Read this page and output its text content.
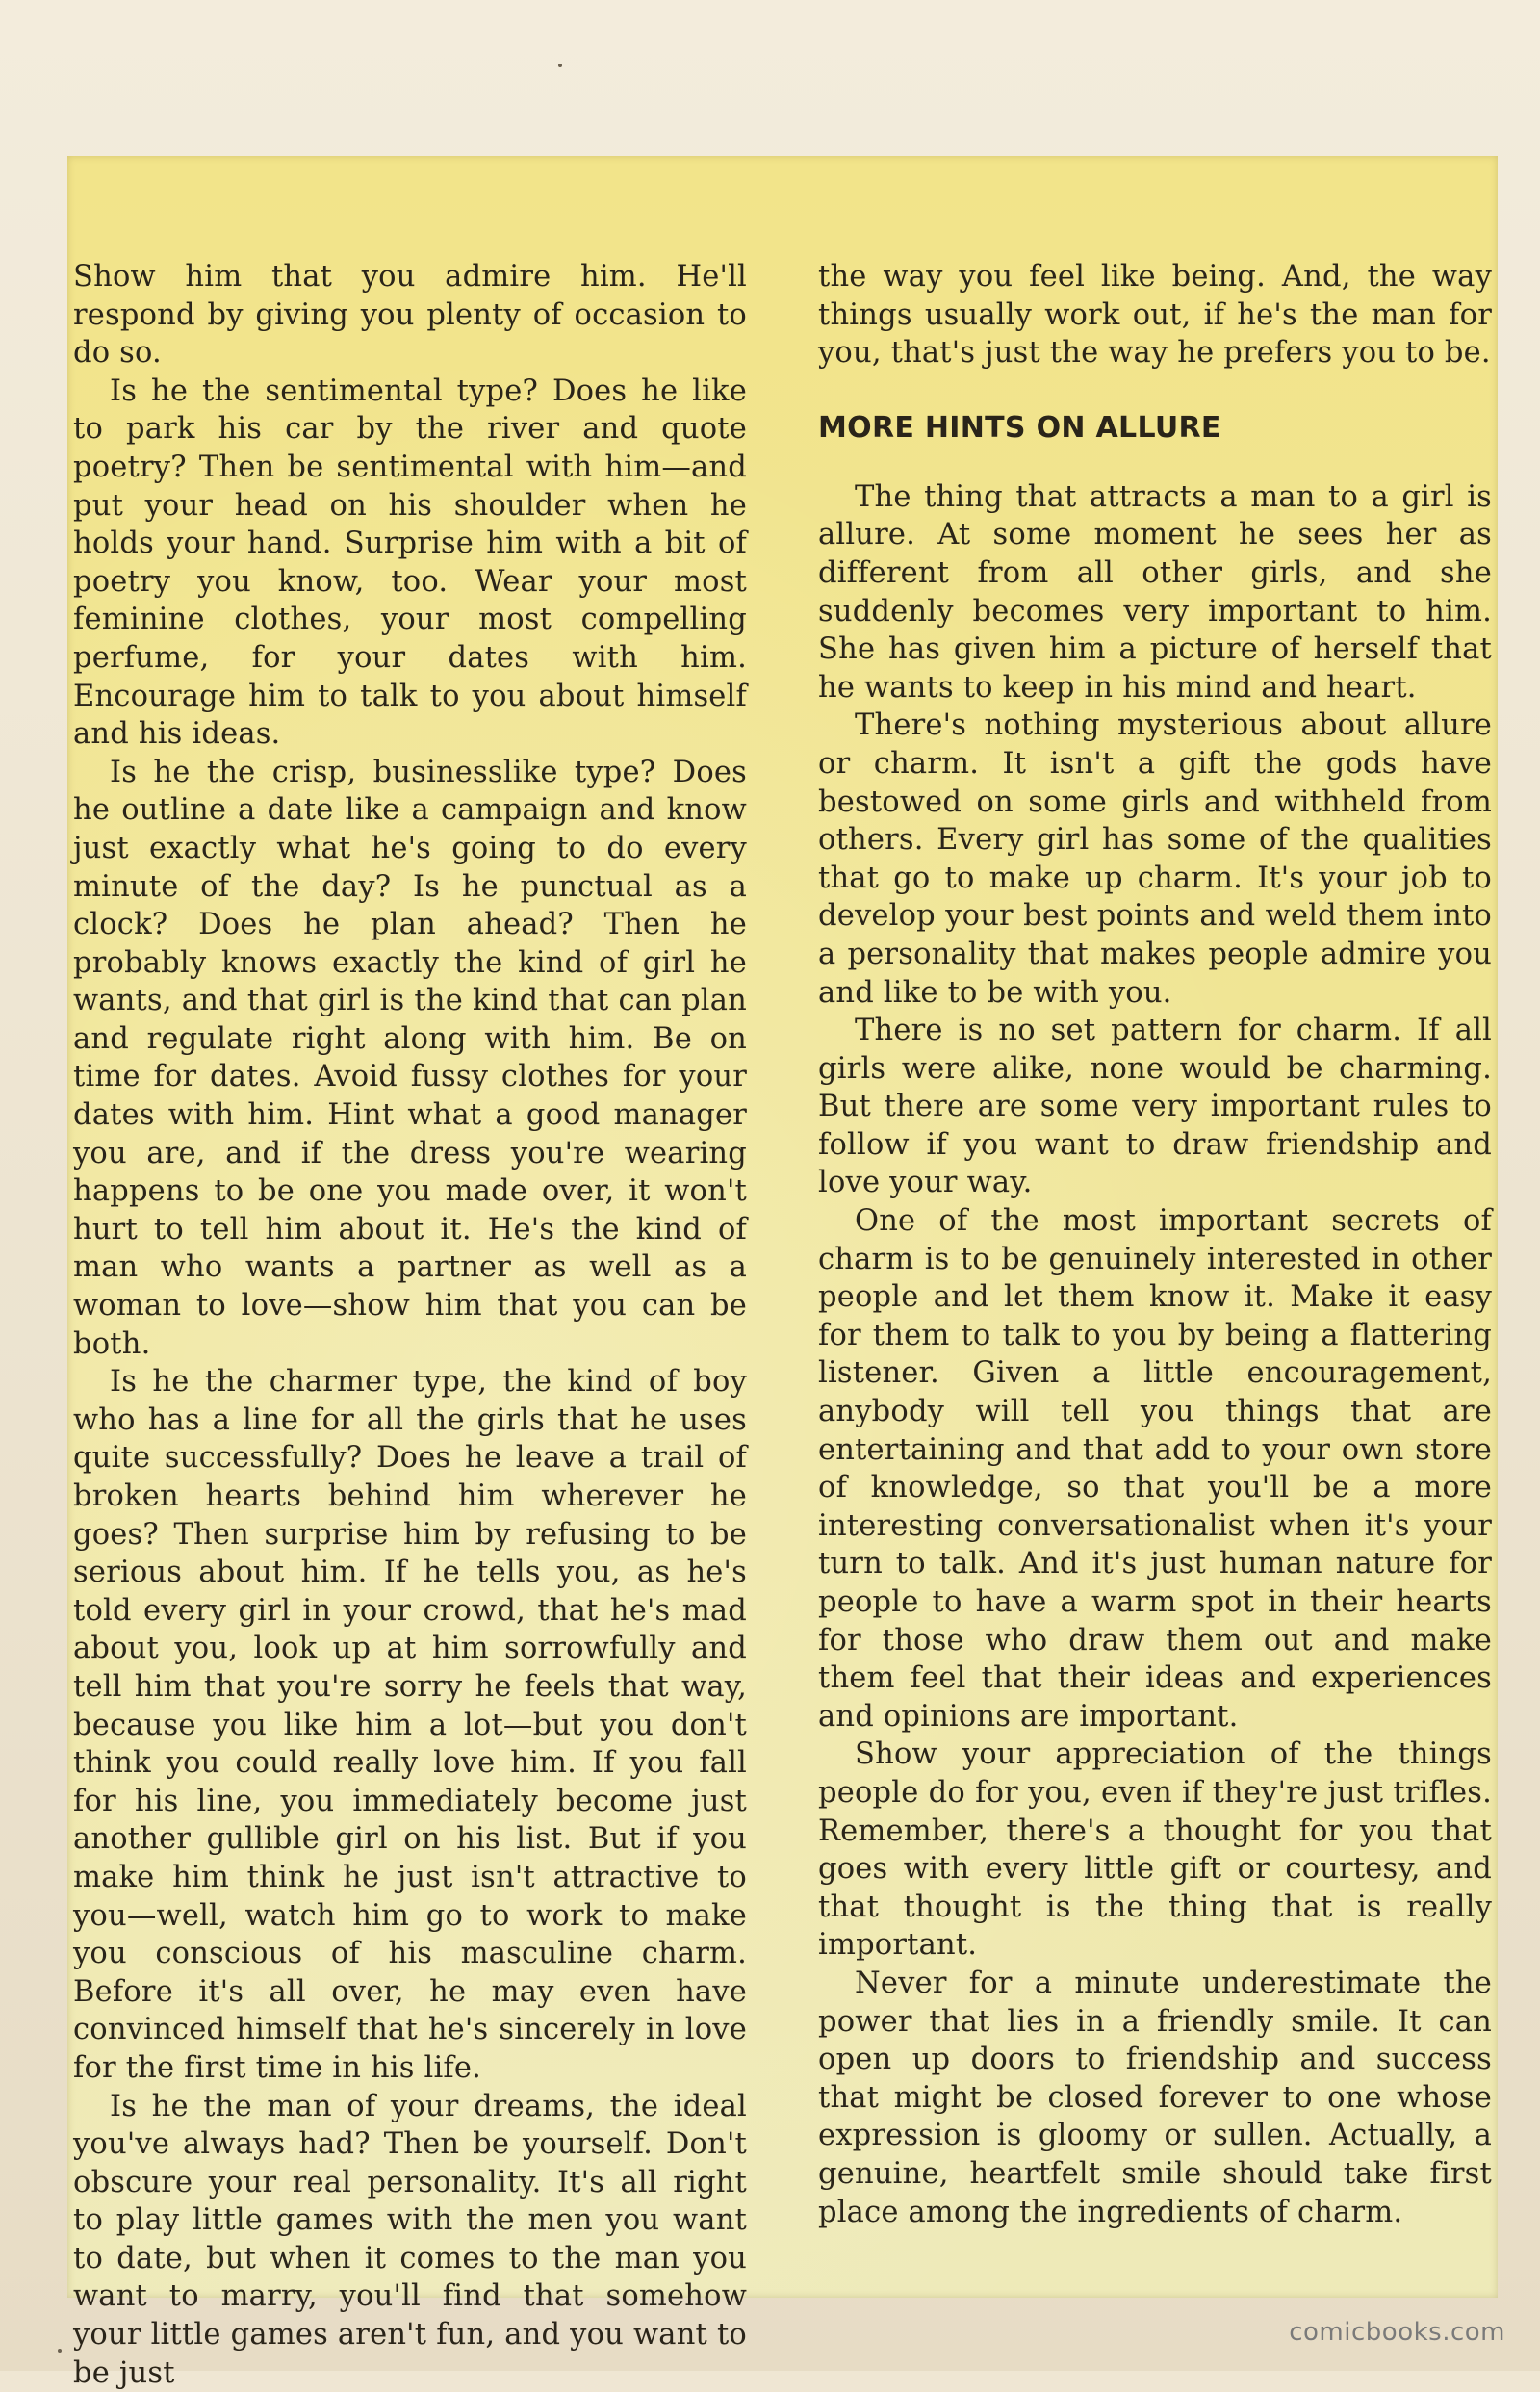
Show him that you admire him. He'll respond by giving you plenty of occasion to do so.

Is he the sentimental type? Does he like to park his car by the river and quote poetry? Then be sentimental with him—and put your head on his shoulder when he holds your hand. Surprise him with a bit of poetry you know, too. Wear your most feminine clothes, your most compelling perfume, for your dates with him. Encourage him to talk to you about himself and his ideas.

Is he the crisp, businesslike type? Does he outline a date like a campaign and know just exactly what he's going to do every minute of the day? Is he punctual as a clock? Does he plan ahead? Then he probably knows exactly the kind of girl he wants, and that girl is the kind that can plan and regulate right along with him. Be on time for dates. Avoid fussy clothes for your dates with him. Hint what a good manager you are, and if the dress you're wearing happens to be one you made over, it won't hurt to tell him about it. He's the kind of man who wants a partner as well as a woman to love—show him that you can be both.

Is he the charmer type, the kind of boy who has a line for all the girls that he uses quite successfully? Does he leave a trail of broken hearts behind him wherever he goes? Then surprise him by refusing to be serious about him. If he tells you, as he's told every girl in your crowd, that he's mad about you, look up at him sorrowfully and tell him that you're sorry he feels that way, because you like him a lot—but you don't think you could really love him. If you fall for his line, you immediately become just another gullible girl on his list. But if you make him think he just isn't attractive to you—well, watch him go to work to make you conscious of his masculine charm. Before it's all over, he may even have convinced himself that he's sincerely in love for the first time in his life.

Is he the man of your dreams, the ideal you've always had? Then be yourself. Don't obscure your real personality. It's all right to play little games with the men you want to date, but when it comes to the man you want to marry, you'll find that somehow your little games aren't fun, and you want to be just

the way you feel like being. And, the way things usually work out, if he's the man for you, that's just the way he prefers you to be.

MORE HINTS ON ALLURE

The thing that attracts a man to a girl is allure. At some moment he sees her as different from all other girls, and she suddenly becomes very important to him. She has given him a picture of herself that he wants to keep in his mind and heart.

There's nothing mysterious about allure or charm. It isn't a gift the gods have bestowed on some girls and withheld from others. Every girl has some of the qualities that go to make up charm. It's your job to develop your best points and weld them into a personality that makes people admire you and like to be with you.

There is no set pattern for charm. If all girls were alike, none would be charming. But there are some very important rules to follow if you want to draw friendship and love your way.

One of the most important secrets of charm is to be genuinely interested in other people and let them know it. Make it easy for them to talk to you by being a flattering listener. Given a little encouragement, anybody will tell you things that are entertaining and that add to your own store of knowledge, so that you'll be a more interesting conversationalist when it's your turn to talk. And it's just human nature for people to have a warm spot in their hearts for those who draw them out and make them feel that their ideas and experiences and opinions are important.

Show your appreciation of the things people do for you, even if they're just trifles. Remember, there's a thought for you that goes with every little gift or courtesy, and that thought is the thing that is really important.

Never for a minute underestimate the power that lies in a friendly smile. It can open up doors to friendship and success that might be closed forever to one whose expression is gloomy or sullen. Actually, a genuine, heartfelt smile should take first place among the ingredients of charm.

comicbooks.com
